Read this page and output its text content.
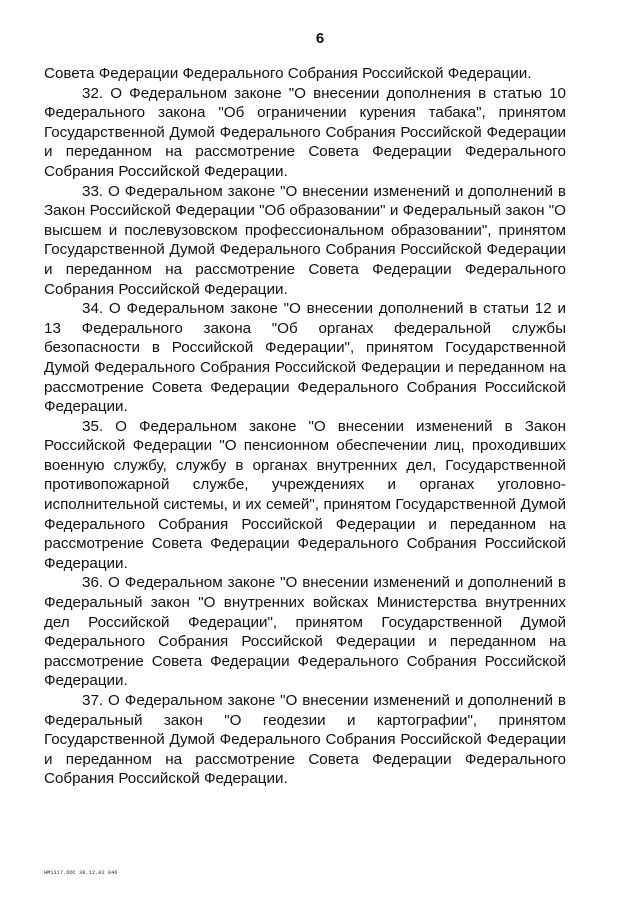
6

Совета Федерации Федерального Собрания Российской Федерации.

32. О Федеральном законе "О внесении дополнения в статью 10 Федерального закона "Об ограничении курения табака", принятом Государственной Думой Федерального Собрания Российской Федерации и переданном на рассмотрение Совета Федерации Федерального Собрания Российской Федерации.

33. О Федеральном законе "О внесении изменений и дополнений в Закон Российской Федерации "Об образовании" и Федеральный закон "О высшем и послевузовском профессиональном образовании", принятом Государственной Думой Федерального Собрания Российской Федерации и переданном на рассмотрение Совета Федерации Федерального Собрания Российской Федерации.

34. О Федеральном законе "О внесении дополнений в статьи 12 и 13 Федерального закона "Об органах федеральной службы безопасности в Российской Федерации", принятом Государственной Думой Федерального Собрания Российской Федерации и переданном на рассмотрение Совета Федерации Федерального Собрания Российской Федерации.

35. О Федеральном законе "О внесении изменений в Закон Российской Федерации "О пенсионном обеспечении лиц, проходивших военную службу, службу в органах внутренних дел, Государственной противопожарной службе, учреждениях и органах уголовно-исполнительной системы, и их семей", принятом Государственной Думой Федерального Собрания Российской Федерации и переданном на рассмотрение Совета Федерации Федерального Собрания Российской Федерации.

36. О Федеральном законе "О внесении изменений и дополнений в Федеральный закон "О внутренних войсках Министерства внутренних дел Российской Федерации", принятом Государственной Думой Федерального Собрания Российской Федерации и переданном на рассмотрение Совета Федерации Федерального Собрания Российской Федерации.

37. О Федеральном законе "О внесении изменений и дополнений в Федеральный закон "О геодезии и картографии", принятом Государственной Думой Федерального Собрания Российской Федерации и переданном на рассмотрение Совета Федерации Федерального Собрания Российской Федерации.

НМ1117.DOC 30.12.02 846
